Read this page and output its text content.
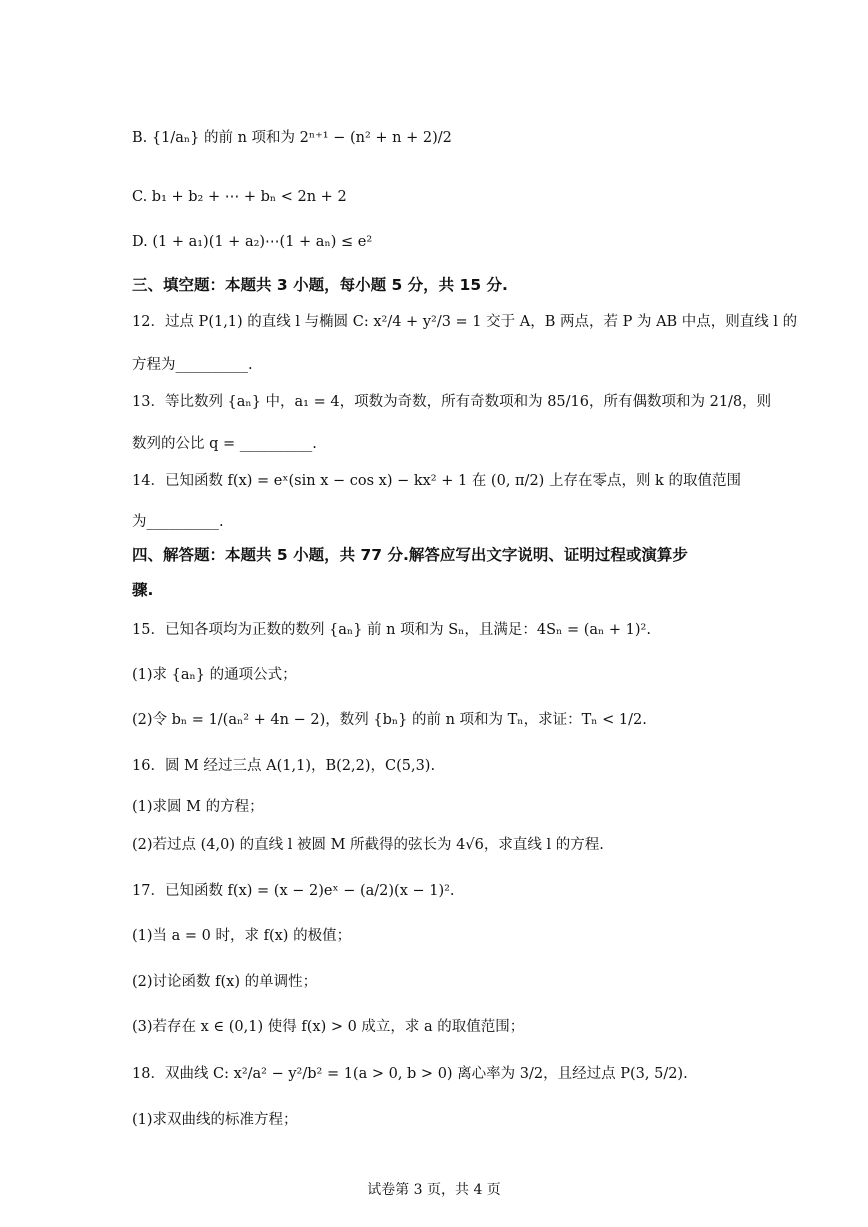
B. {1/aₙ} 的前 n 项和为 2ⁿ⁺¹ − (n² + n + 2)/2
C. b₁ + b₂ + ⋯ + bₙ < 2n + 2
D. (1 + a₁)(1 + a₂)⋯(1 + aₙ) ≤ e²
三、填空题：本题共 3 小题，每小题 5 分，共 15 分.
12．过点 P(1,1) 的直线 l 与椭圆 C: x²/4 + y²/3 = 1 交于 A，B 两点，若 P 为 AB 中点，则直线 l 的
方程为__________.
13．等比数列 {aₙ} 中，a₁ = 4，项数为奇数，所有奇数项和为 85/16，所有偶数项和为 21/8，则
数列的公比 q = __________.
14．已知函数 f(x) = eˣ(sin x − cos x) − kx² + 1 在 (0, π/2) 上存在零点，则 k 的取值范围
为__________.
四、解答题：本题共 5 小题，共 77 分.解答应写出文字说明、证明过程或演算步
骤.
15．已知各项均为正数的数列 {aₙ} 前 n 项和为 Sₙ，且满足：4Sₙ = (aₙ + 1)².
(1)求 {aₙ} 的通项公式；
(2)令 bₙ = 1/(aₙ² + 4n − 2)，数列 {bₙ} 的前 n 项和为 Tₙ，求证：Tₙ < 1/2.
16．圆 M 经过三点 A(1,1)，B(2,2)，C(5,3).
(1)求圆 M 的方程；
(2)若过点 (4,0) 的直线 l 被圆 M 所截得的弦长为 4√6，求直线 l 的方程.
17．已知函数 f(x) = (x − 2)eˣ − (a/2)(x − 1)².
(1)当 a = 0 时，求 f(x) 的极值；
(2)讨论函数 f(x) 的单调性；
(3)若存在 x ∈ (0,1) 使得 f(x) > 0 成立，求 a 的取值范围；
18．双曲线 C: x²/a² − y²/b² = 1(a > 0, b > 0) 离心率为 3/2，且经过点 P(3, 5/2).
(1)求双曲线的标准方程；
试卷第 3 页，共 4 页
